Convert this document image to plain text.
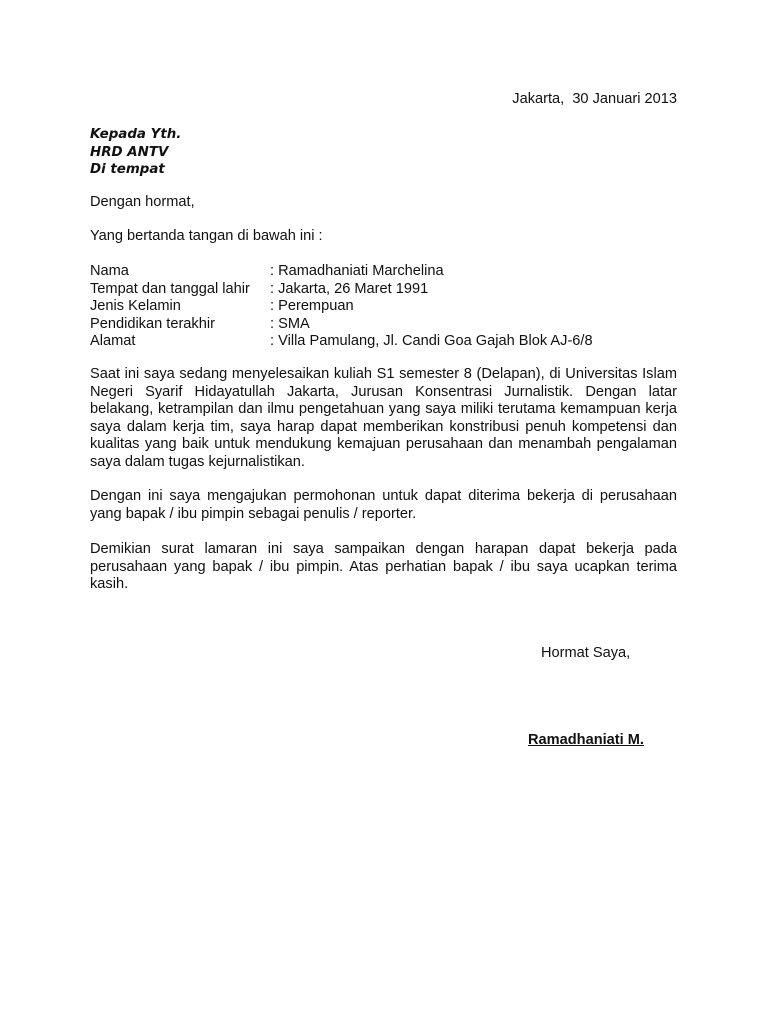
Jakarta,  30 Januari 2013
Kepada Yth.
HRD ANTV
Di tempat
Dengan hormat,
Yang bertanda tangan di bawah ini :
Nama	: Ramadhaniati Marchelina
Tempat dan tanggal lahir	: Jakarta, 26 Maret 1991
Jenis Kelamin	: Perempuan
Pendidikan terakhir	: SMA
Alamat	: Villa Pamulang, Jl. Candi Goa Gajah Blok AJ-6/8
Saat ini saya sedang menyelesaikan kuliah S1 semester 8 (Delapan), di Universitas Islam Negeri Syarif Hidayatullah Jakarta, Jurusan Konsentrasi Jurnalistik. Dengan latar belakang, ketrampilan dan ilmu pengetahuan yang saya miliki terutama kemampuan kerja saya dalam kerja tim, saya harap dapat memberikan konstribusi penuh kompetensi dan kualitas yang baik untuk mendukung kemajuan perusahaan dan menambah pengalaman saya dalam tugas kejurnalistikan.
Dengan ini saya mengajukan permohonan untuk dapat diterima bekerja di perusahaan yang bapak / ibu pimpin sebagai penulis / reporter.
Demikian surat lamaran ini saya sampaikan dengan harapan dapat bekerja pada perusahaan yang bapak / ibu pimpin. Atas perhatian bapak / ibu saya ucapkan terima kasih.
Hormat Saya,
Ramadhaniati M.
